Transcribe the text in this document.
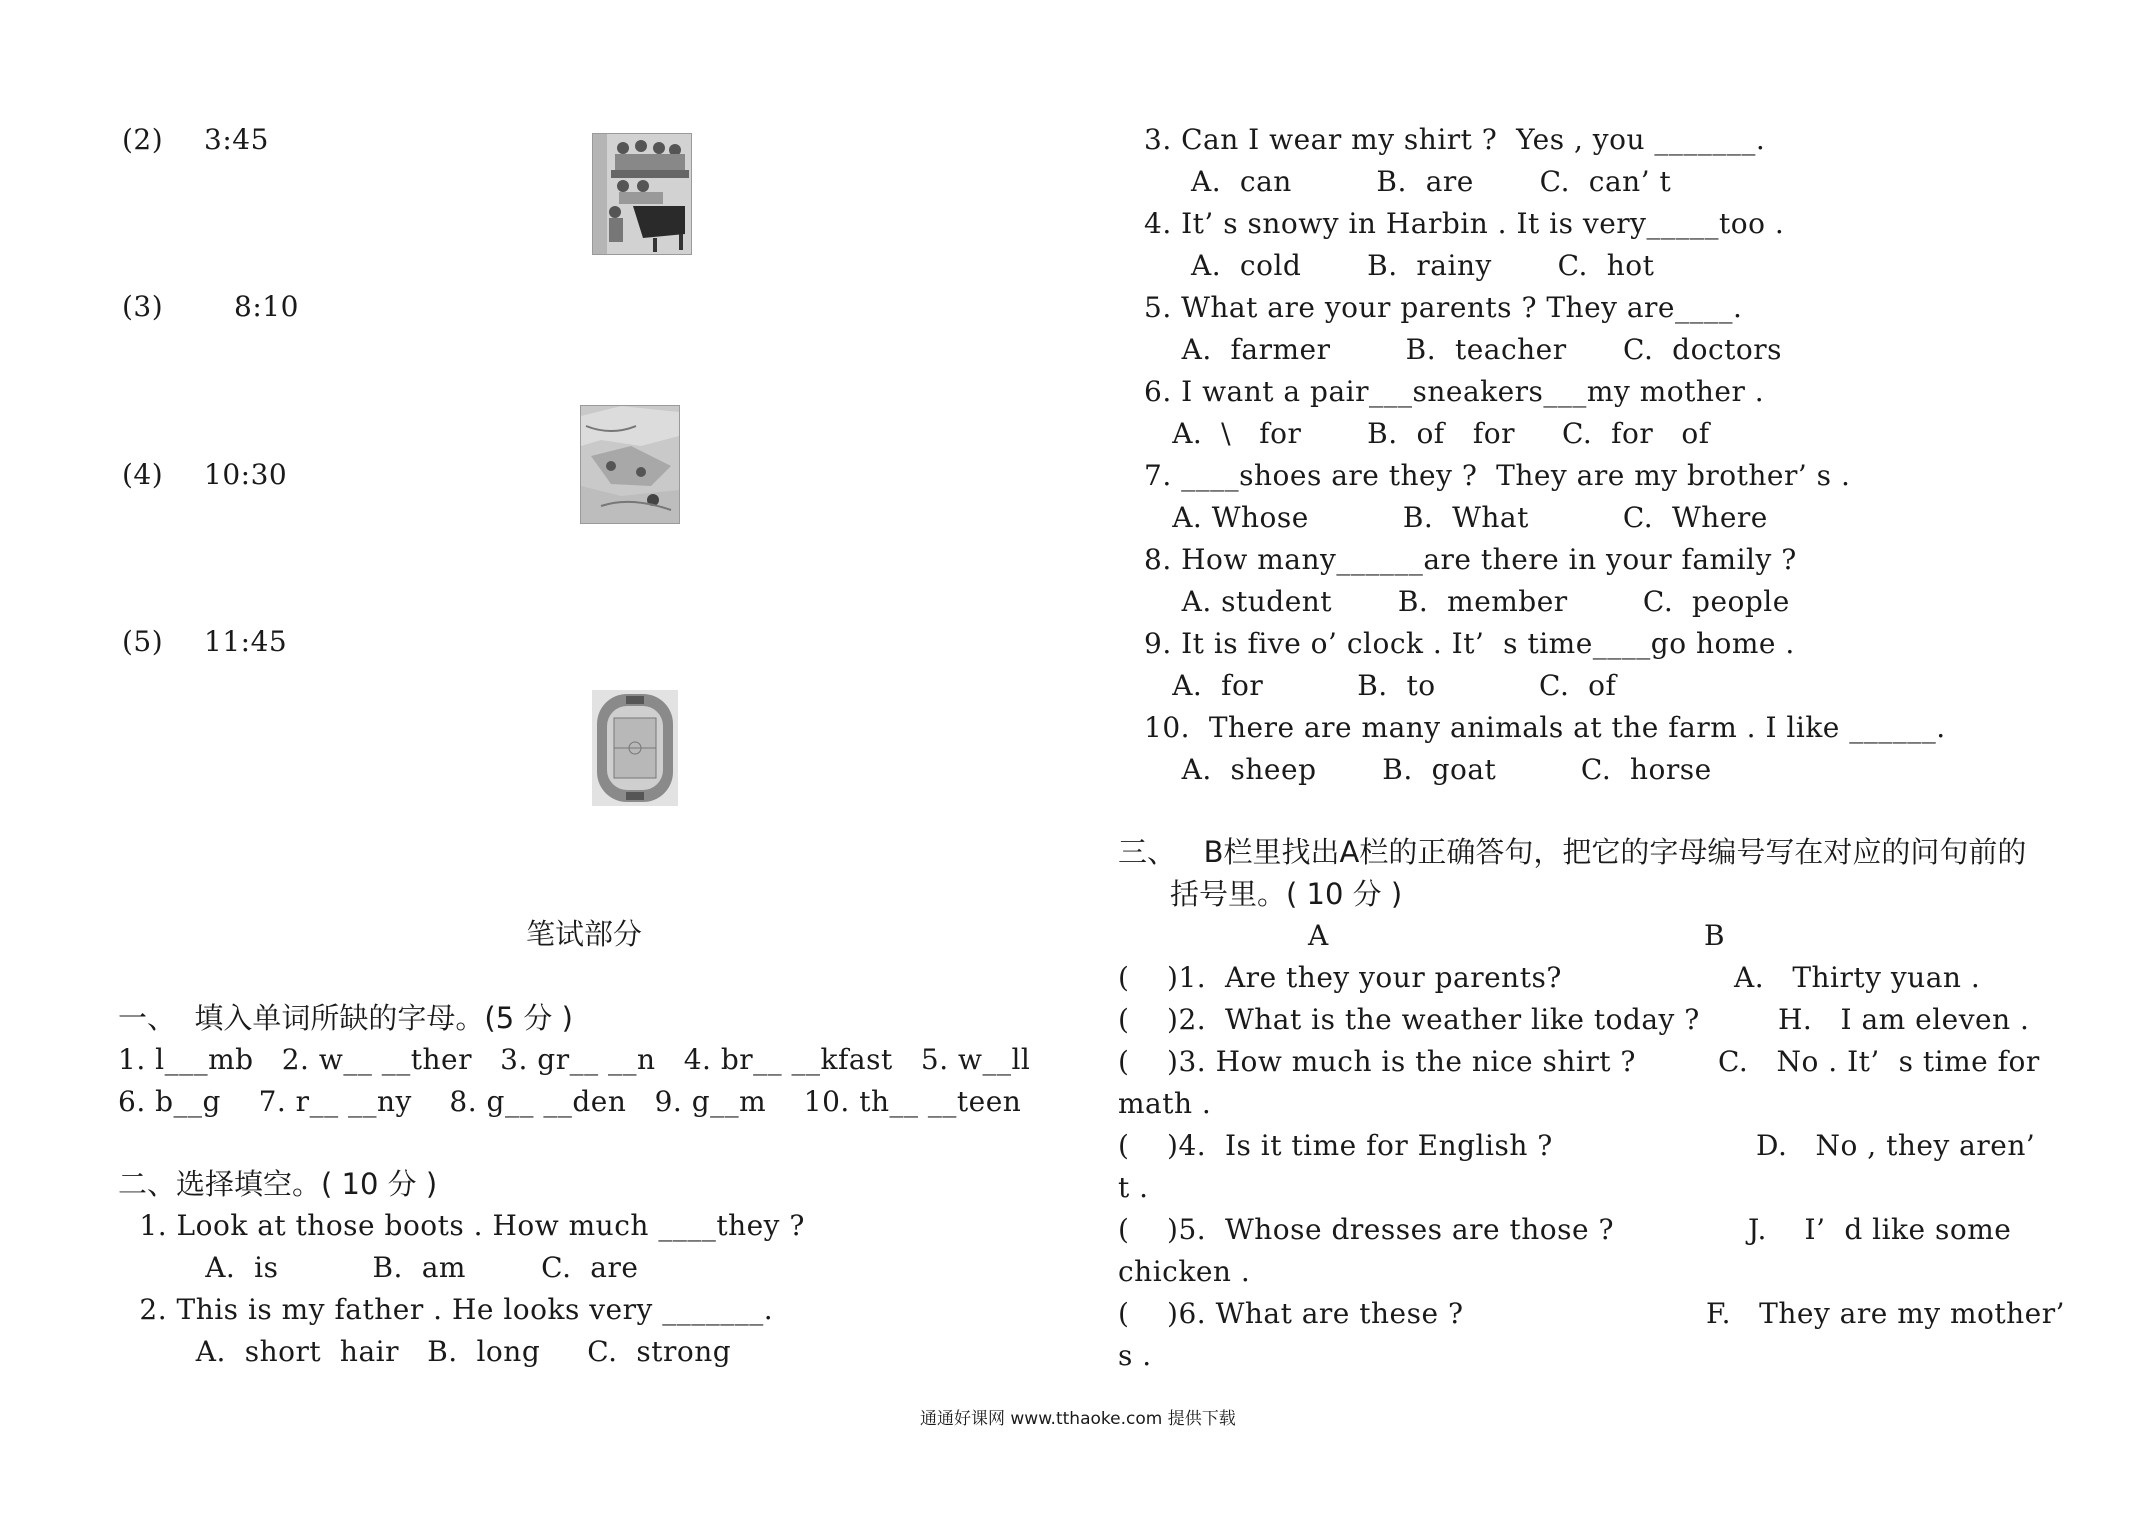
(2) 3:45
(3)	8:10
(4) 10:30
(5) 11:45
笔试部分
一、  填入单词所缺的字母。(5 分 )
1. l___mb   2. w__ __ther   3. gr__ __n   4. br__ __kfast   5. w__ll
6. b__g    7. r__ __ny    8. g__ __den   9. g__m    10. th__ __teen
二、选择填空。( 10 分 )
1. Look at those boots . How much ____they ?
A.  is          B.  am        C.  are
2. This is my father . He looks very _______.
A.  short  hair   B.  long     C.  strong
3. Can I wear my shirt ?  Yes , you _______.
A.  can         B.  are       C.  can’ t
4. It’ s snowy in Harbin . It is very_____too .
A.  cold       B.  rainy       C.  hot
5. What are your parents ? They are____.
A.  farmer        B.  teacher      C.  doctors
6. I want a pair___sneakers___my mother .
A.  \   for       B.  of   for     C.  for   of
7. ____shoes are they ?  They are my brother’ s .
A. Whose          B.  What          C.  Where
8. How many______are there in your family ?
A. student       B.  member        C.  people
9. It is five o’ clock . It’  s time____go home .
A.  for          B.  to           C.  of
10.  There are many animals at the farm . I like ______.
A.  sheep       B.  goat         C.  horse
三、   B栏里找出A栏的正确答句，把它的字母编号写在对应的问句前的
括号里。( 10 分 )
A	B
(    )1.  Are they your parents?	A.   Thirty yuan .
(    )2.  What is the weather like today ?	H.   I am eleven .
(    )3. How much is the nice shirt ?	C.   No . It’  s time for
math .
(    )4.  Is it time for English ?	D.   No , they aren’
t .
(    )5.  Whose dresses are those ?	J.    I’  d like some
chicken .
(    )6. What are these ?	F.   They are my mother’
s .
通通好课网 www.tthaoke.com 提供下载
